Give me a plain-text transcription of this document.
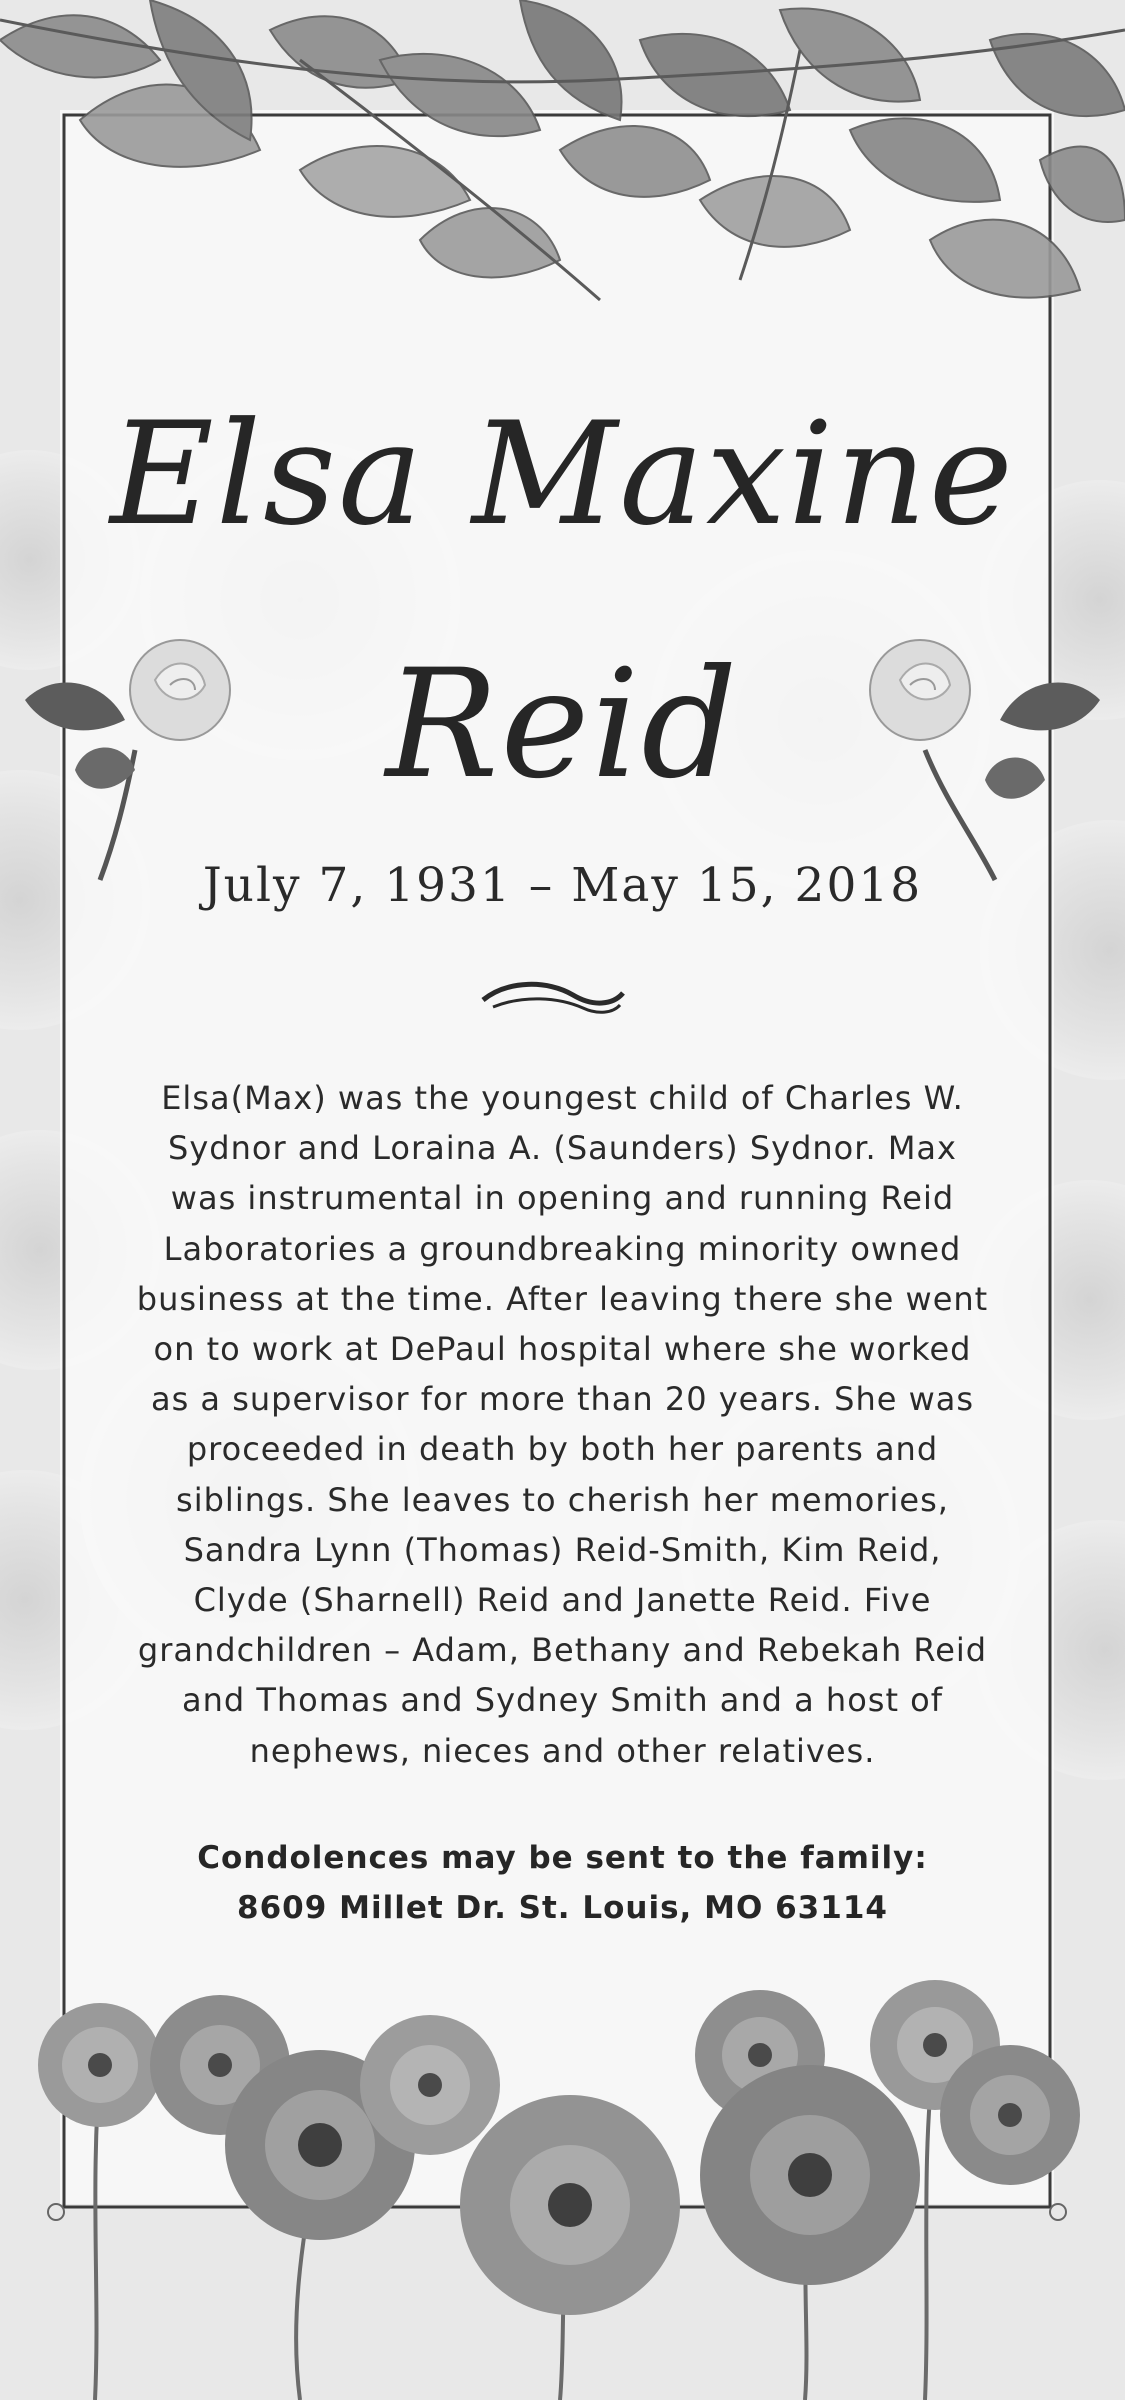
Elsa Maxine
Reid
July 7, 1931 – May 15, 2018

Elsa(Max) was the youngest child of Charles W.
Sydnor and Loraina A. (Saunders) Sydnor. Max
was instrumental in opening and running Reid
Laboratories a groundbreaking minority owned
business at the time. After leaving there she went
on to work at DePaul hospital where she worked
as a supervisor for more than 20 years. She was
proceeded in death by both her parents and
siblings. She leaves to cherish her memories,
Sandra Lynn (Thomas) Reid-Smith, Kim Reid,
Clyde (Sharnell) Reid and Janette Reid. Five
grandchildren – Adam, Bethany and Rebekah Reid
and Thomas and Sydney Smith and a host of
nephews, nieces and other relatives.

Condolences may be sent to the family:
8609 Millet Dr. St. Louis, MO 63114
